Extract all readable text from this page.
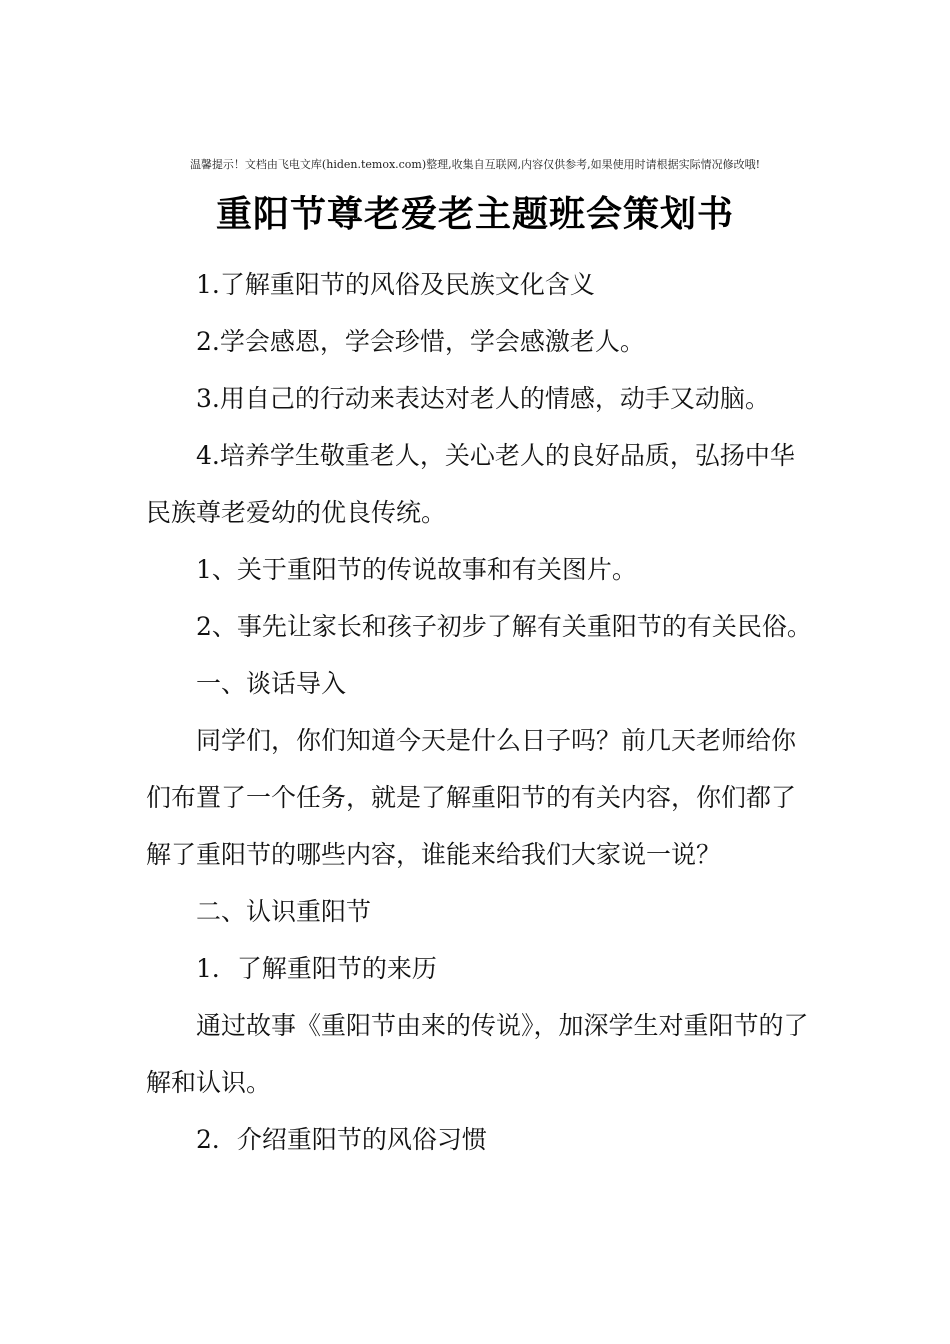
温馨提示！文档由飞电文库(hiden.temox.com)整理,收集自互联网,内容仅供参考,如果使用时请根据实际情况修改哦!
重阳节尊老爱老主题班会策划书

1.了解重阳节的风俗及民族文化含义

2.学会感恩，学会珍惜，学会感激老人。

3.用自己的行动来表达对老人的情感，动手又动脑。

4.培养学生敬重老人，关心老人的良好品质，弘扬中华民族尊老爱幼的优良传统。

1、关于重阳节的传说故事和有关图片。

2、事先让家长和孩子初步了解有关重阳节的有关民俗。

一、谈话导入

同学们，你们知道今天是什么日子吗？前几天老师给你们布置了一个任务，就是了解重阳节的有关内容，你们都了解了重阳节的哪些内容，谁能来给我们大家说一说？

二、认识重阳节

1．了解重阳节的来历

通过故事《重阳节由来的传说》，加深学生对重阳节的了解和认识。

2．介绍重阳节的风俗习惯
